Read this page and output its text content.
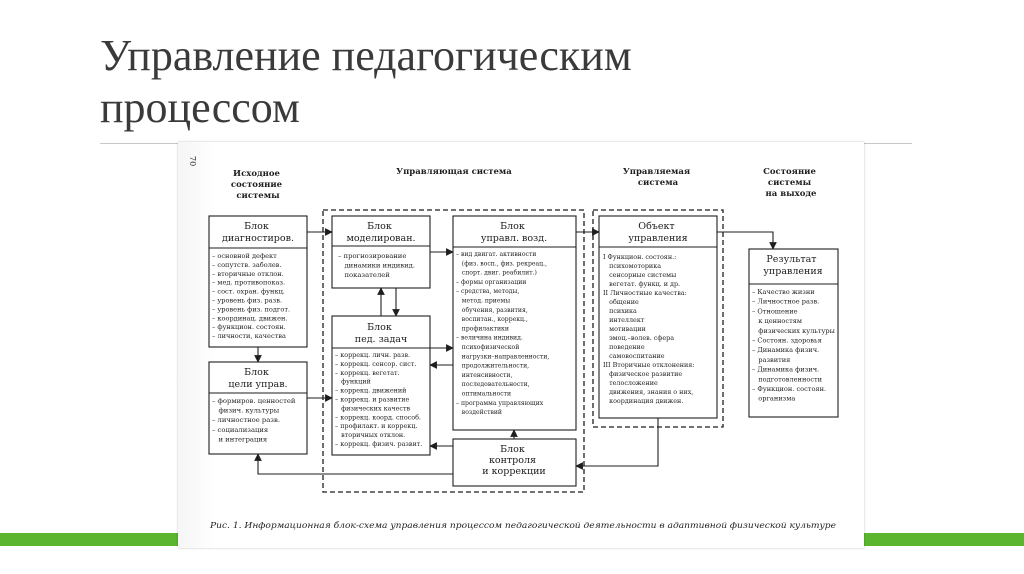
Управление педагогическим
процессом
70
Исходное состояние системы
Управляющая система	Управляемая система
Состояние системы на выходе
Блок диагностиров.
Блок цели управ.
Блок моделирован.
Блок пед. задач
Блок управл. возд.
Блок контроля и коррекции
Объект управления
Результат управления
– основной дефект – сопутств. заболев. – вторичные отклон. – мед. противопоказ. – сост. охран. функц. – уровень физ. разв. – уровень физ. подгот. – координац. движен. – функцион. состоян. – личности, качества
– формиров. ценностей   физич. культуры – личностное разв. – социализация   и интеграция
– прогнозирование   динамики индивид.   показателей
– коррекц. личн. разв. – коррекц. сенсор. сист. – коррекц. вегетат.   функций – коррекц. движений – коррекц. и развитие   физических качеств – коррекц. коорд. способ. – профилакт. и коррекц.   вторичных отклон. – коррекц. физич. развит.
– вид двигат. активности   (физ. восп., физ. рекреац.,   спорт. двиг. реабилит.) – формы организации – средства, методы,   метод. приемы   обучения, развития,   воспитан., коррекц.,   профилактики – величина индивид.   психофизической   нагрузки–направленности,   продолжительности,   интенсивности,   последовательности,   оптимальности – программа управляющих   воздействий
I Функцион. состоян.:   психомоторика   сенсорные системы   вегетат. функц. и др. II Личностные качества:   общение   психика   интеллект   мотивации   эмоц.–волев. сфера   поведение   самовоспитание III Вторичные отклонения:   физическое развитие   телосложение   движения, знания о них,   координация движен.
– Качество жизни – Личностное разв. – Отношение   к ценностям   физических культуры – Состоян. здоровья – Динамика физич.   развития – Динамика физич.   подготовленности – Функцион. состоян.   организма
Рис. 1. Информационная блок-схема управления процессом педагогической деятельности в адаптивной физической культуре
